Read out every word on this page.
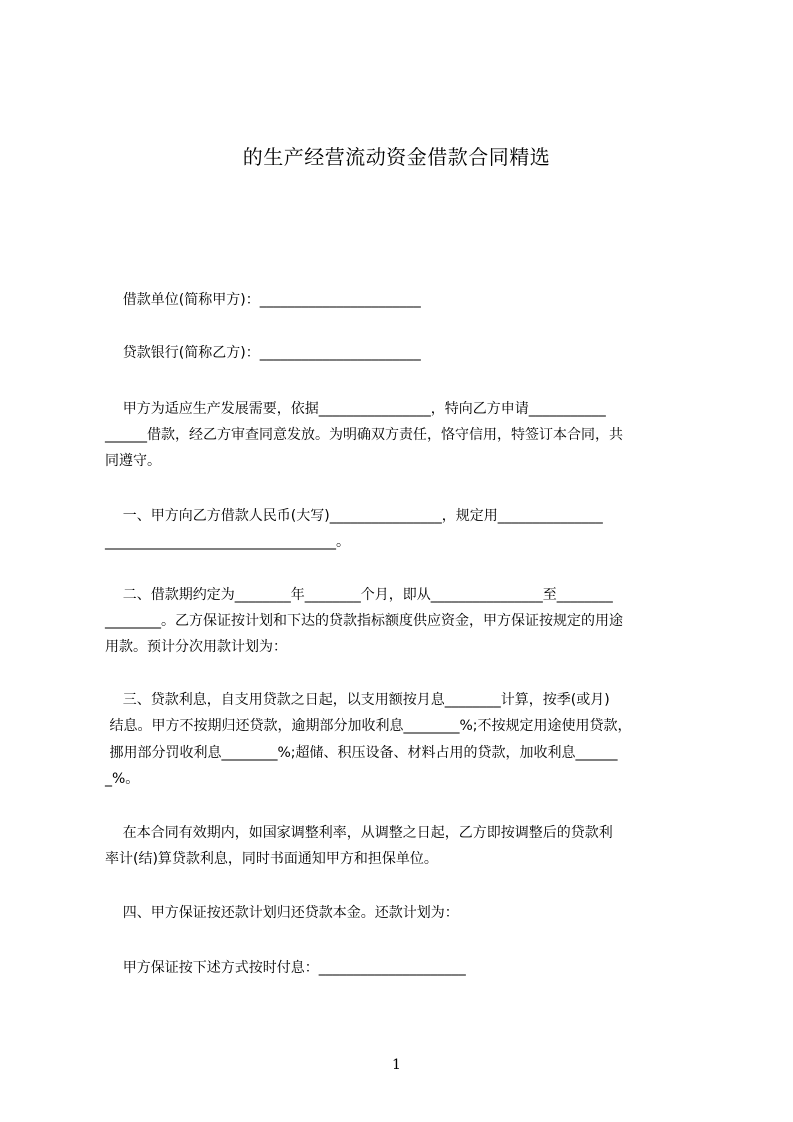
的生产经营流动资金借款合同精选
借款单位(简称甲方)：_______________________
贷款银行(简称乙方)：_______________________
甲方为适应生产发展需要，依据________________，特向乙方申请___________
______借款，经乙方审查同意发放。为明确双方责任，恪守信用，特签订本合同，共
同遵守。
一、甲方向乙方借款人民币(大写)________________，规定用_______________
_________________________________。
二、借款期约定为________年________个月，即从________________至________
________。乙方保证按计划和下达的贷款指标额度供应资金，甲方保证按规定的用途
用款。预计分次用款计划为：
三、贷款利息，自支用贷款之日起，以支用额按月息________计算，按季(或月)
结息。甲方不按期归还贷款，逾期部分加收利息________%;不按规定用途使用贷款，
挪用部分罚收利息________%;超储、积压设备、材料占用的贷款，加收利息______
_%。
在本合同有效期内，如国家调整利率，从调整之日起，乙方即按调整后的贷款利
率计(结)算贷款利息，同时书面通知甲方和担保单位。
四、甲方保证按还款计划归还贷款本金。还款计划为：
甲方保证按下述方式按时付息：_____________________
1
